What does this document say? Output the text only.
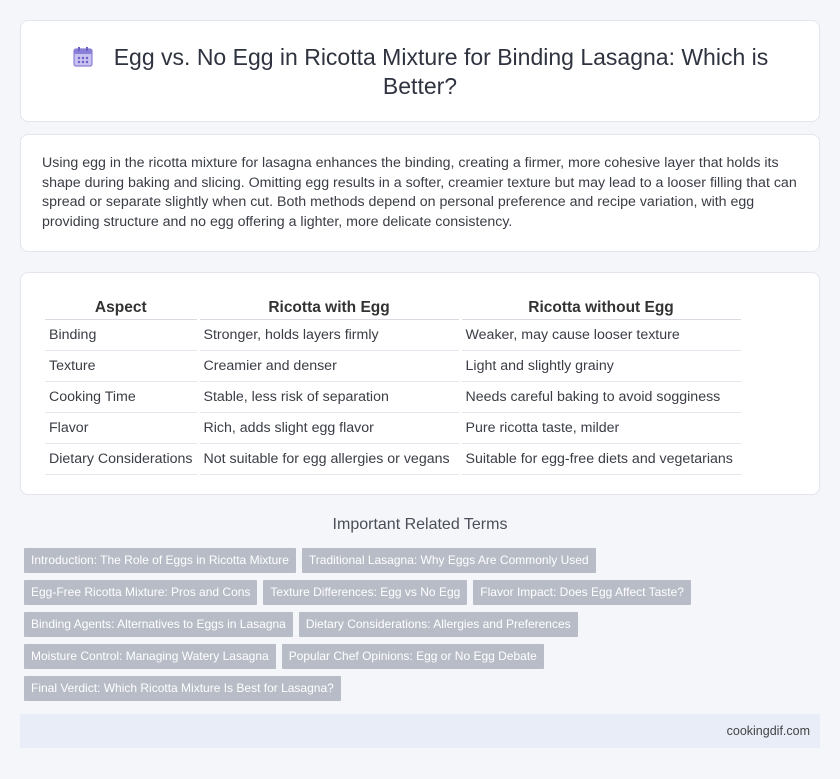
Egg vs. No Egg in Ricotta Mixture for Binding Lasagna: Which is Better?

Using egg in the ricotta mixture for lasagna enhances the binding, creating a firmer, more cohesive layer that holds its shape during baking and slicing. Omitting egg results in a softer, creamier texture but may lead to a looser filling that can spread or separate slightly when cut. Both methods depend on personal preference and recipe variation, with egg providing structure and no egg offering a lighter, more delicate consistency.

Aspect	Ricotta with Egg	Ricotta without Egg
Binding	Stronger, holds layers firmly	Weaker, may cause looser texture
Texture	Creamier and denser	Light and slightly grainy
Cooking Time	Stable, less risk of separation	Needs careful baking to avoid sogginess
Flavor	Rich, adds slight egg flavor	Pure ricotta taste, milder
Dietary Considerations	Not suitable for egg allergies or vegans	Suitable for egg-free diets and vegetarians
Important Related Terms
Introduction: The Role of Eggs in Ricotta Mixture Traditional Lasagna: Why Eggs Are Commonly Used
Egg-Free Ricotta Mixture: Pros and Cons Texture Differences: Egg vs No Egg Flavor Impact: Does Egg Affect Taste?
Binding Agents: Alternatives to Eggs in Lasagna Dietary Considerations: Allergies and Preferences
Moisture Control: Managing Watery Lasagna Popular Chef Opinions: Egg or No Egg Debate
Final Verdict: Which Ricotta Mixture Is Best for Lasagna?
cookingdif.com
